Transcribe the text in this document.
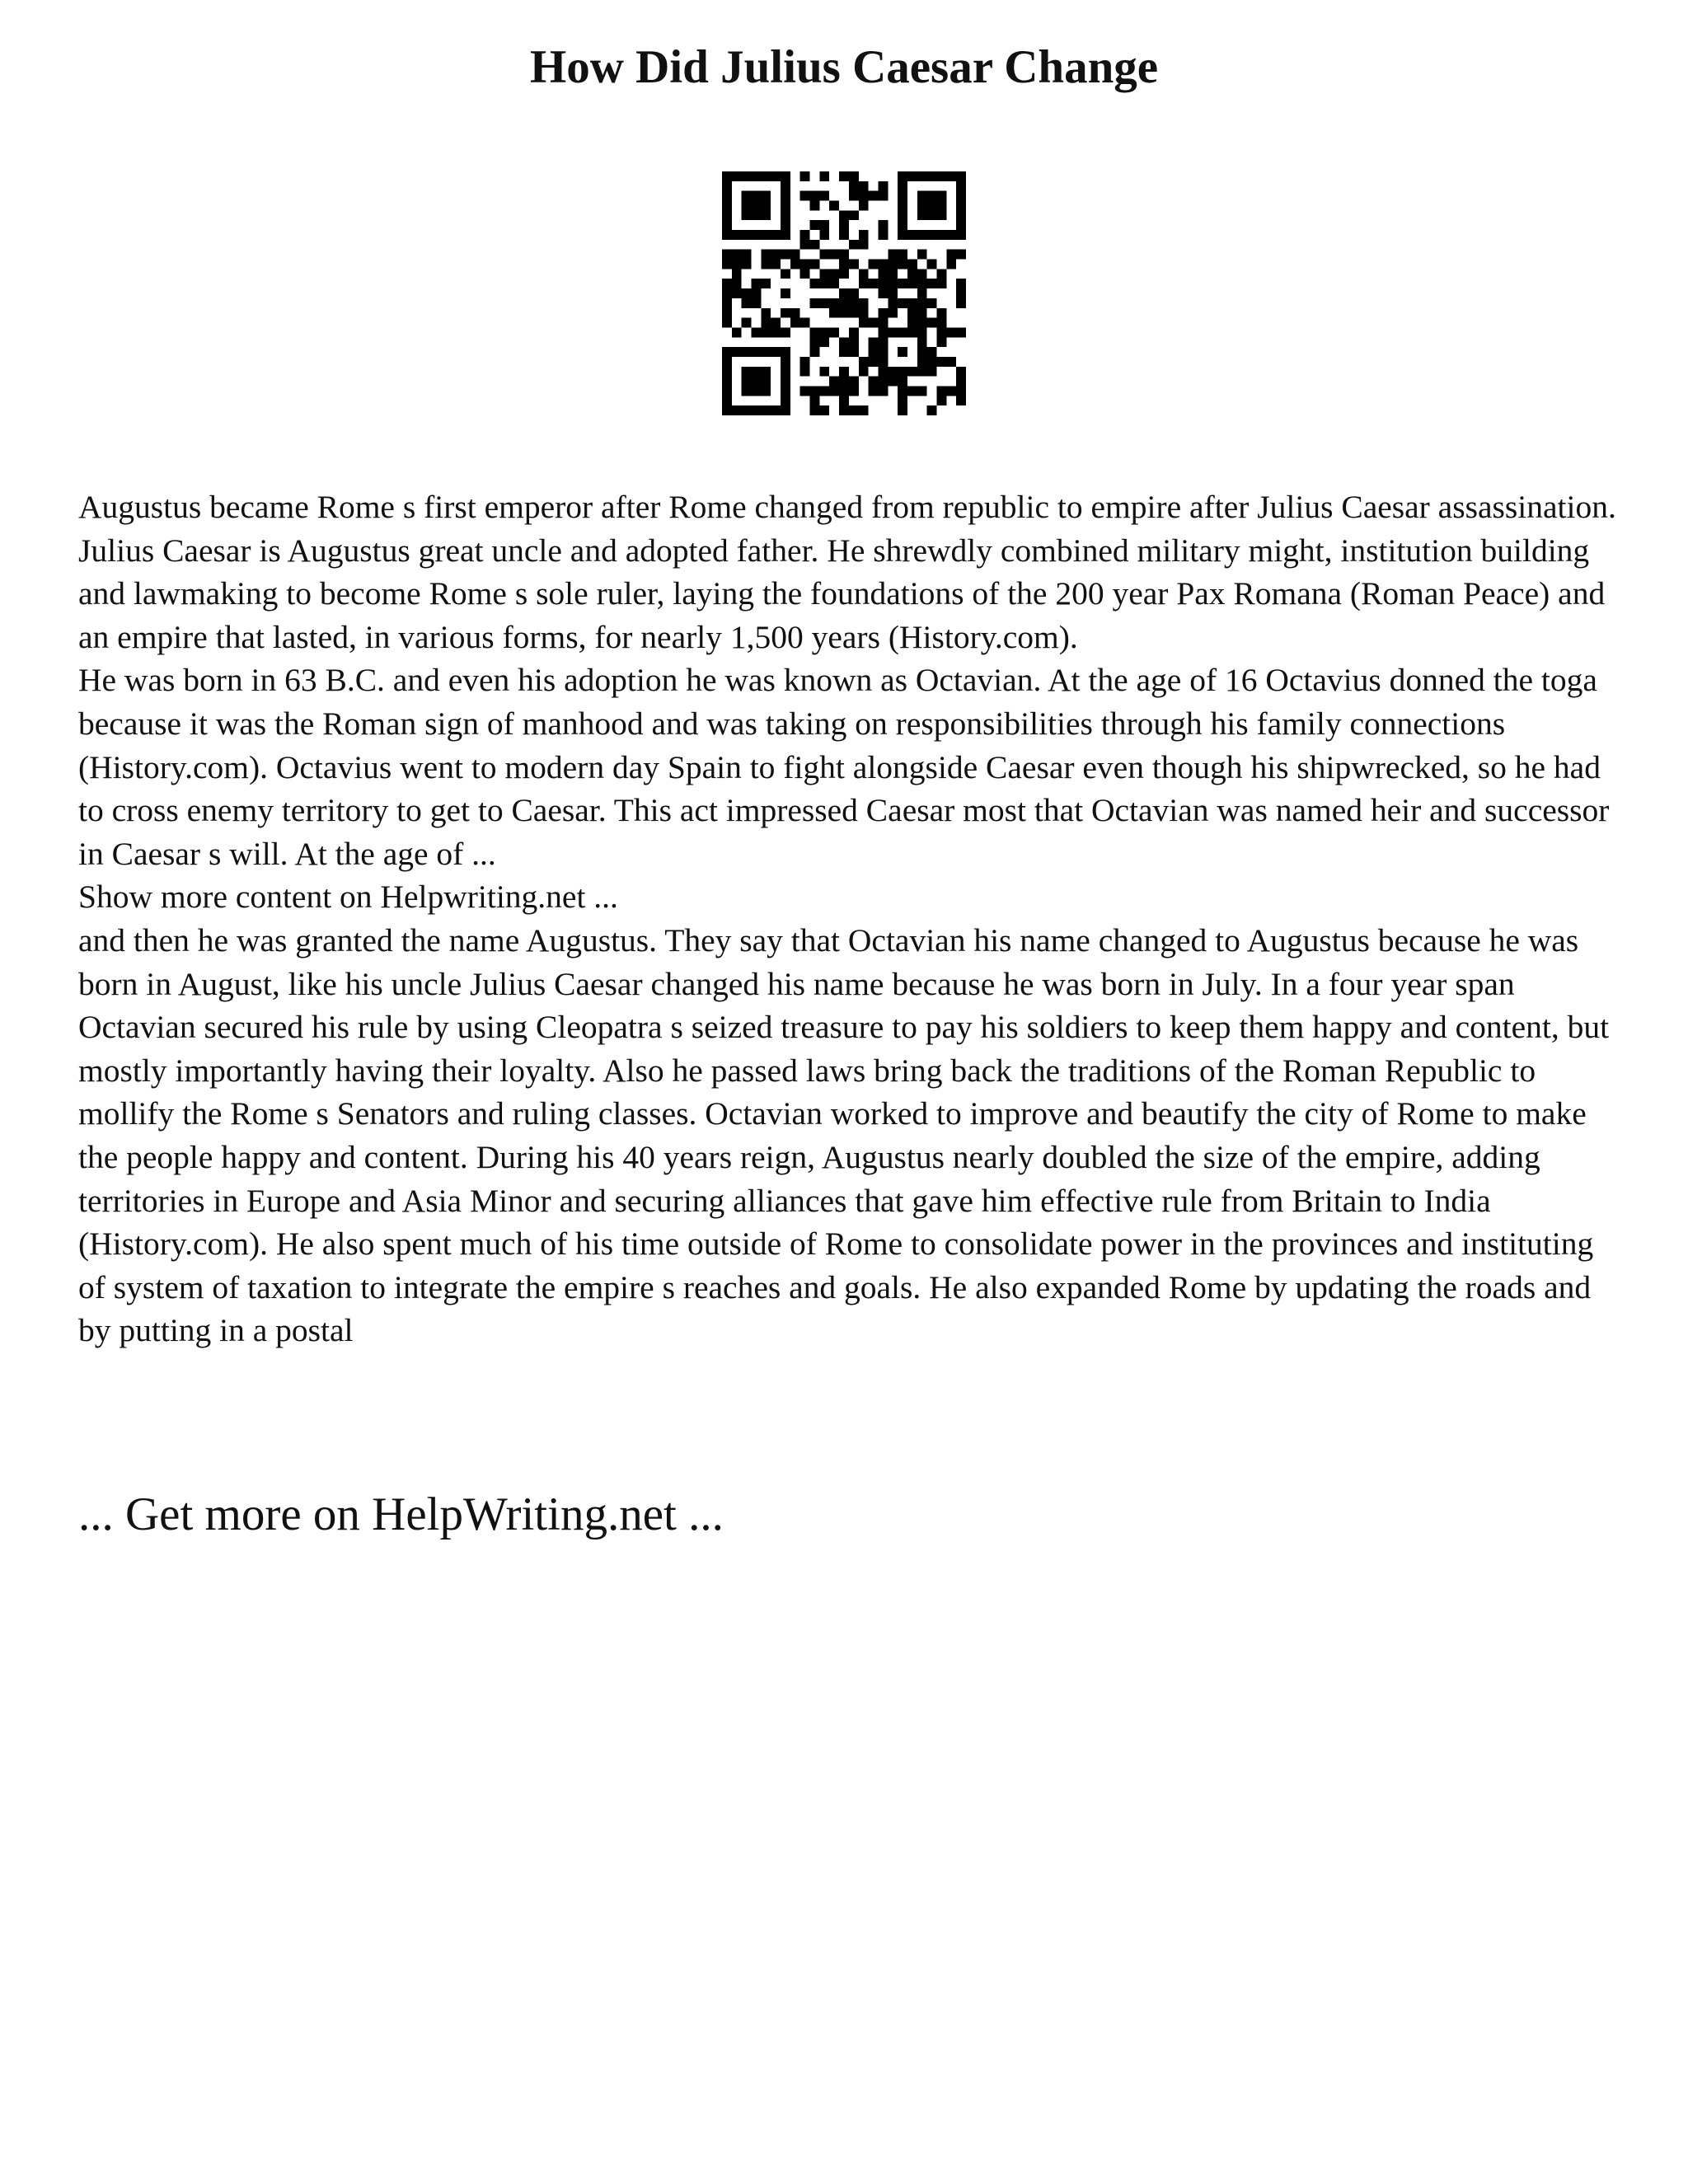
How Did Julius Caesar Change

Augustus became Rome s first emperor after Rome changed from republic to empire after Julius Caesar assassination. Julius Caesar is Augustus great uncle and adopted father. He shrewdly combined military might, institution building and lawmaking to become Rome s sole ruler, laying the foundations of the 200 year Pax Romana (Roman Peace) and an empire that lasted, in various forms, for nearly 1,500 years (History.com).

He was born in 63 B.C. and even his adoption he was known as Octavian. At the age of 16 Octavius donned the toga because it was the Roman sign of manhood and was taking on responsibilities through his family connections (History.com). Octavius went to modern day Spain to fight alongside Caesar even though his shipwrecked, so he had to cross enemy territory to get to Caesar. This act impressed Caesar most that Octavian was named heir and successor in Caesar s will. At the age of ...

Show more content on Helpwriting.net ...

and then he was granted the name Augustus. They say that Octavian his name changed to Augustus because he was born in August, like his uncle Julius Caesar changed his name because he was born in July. In a four year span Octavian secured his rule by using Cleopatra s seized treasure to pay his soldiers to keep them happy and content, but mostly importantly having their loyalty. Also he passed laws bring back the traditions of the Roman Republic to mollify the Rome s Senators and ruling classes. Octavian worked to improve and beautify the city of Rome to make the people happy and content. During his 40 years reign, Augustus nearly doubled the size of the empire, adding territories in Europe and Asia Minor and securing alliances that gave him effective rule from Britain to India (History.com). He also spent much of his time outside of Rome to consolidate power in the provinces and instituting of system of taxation to integrate the empire s reaches and goals. He also expanded Rome by updating the roads and by putting in a postal

... Get more on HelpWriting.net ...
